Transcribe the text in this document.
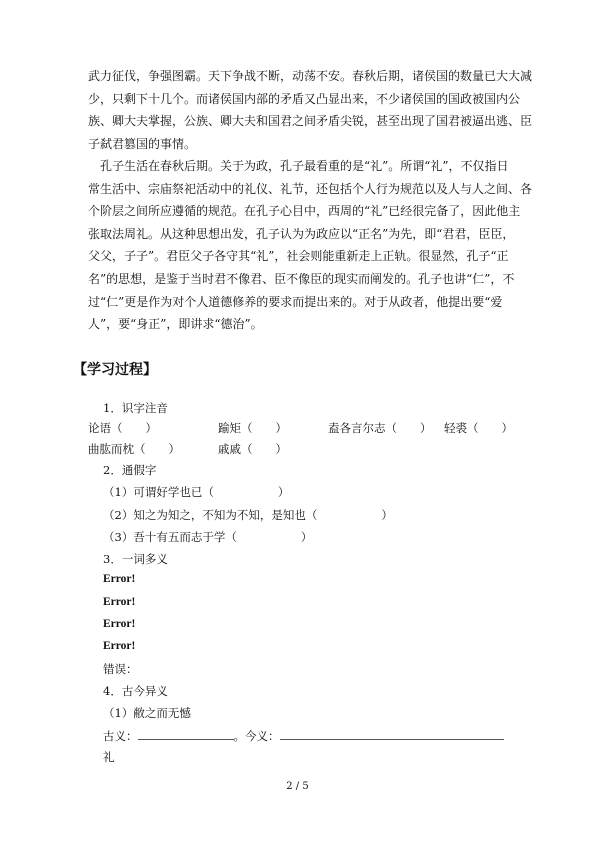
武力征伐，争强图霸。天下争战不断，动荡不安。春秋后期，诸侯国的数量已大大减
少，只剩下十几个。而诸侯国内部的矛盾又凸显出来，不少诸侯国的国政被国内公
族、卿大夫掌握，公族、卿大夫和国君之间矛盾尖锐，甚至出现了国君被逼出逃、臣
子弑君篡国的事情。

孔子生活在春秋后期。关于为政，孔子最看重的是“礼”。所谓“礼”，不仅指日
常生活中、宗庙祭祀活动中的礼仪、礼节，还包括个人行为规范以及人与人之间、各
个阶层之间所应遵循的规范。在孔子心目中，西周的“礼”已经很完备了，因此他主
张取法周礼。从这种思想出发，孔子认为为政应以“正名”为先，即“君君，臣臣，
父父，子子”。君臣父子各守其“礼”，社会则能重新走上正轨。很显然，孔子“正
名”的思想，是鉴于当时君不像君、臣不像臣的现实而阐发的。孔子也讲“仁”，不
过“仁”更是作为对个人道德修养的要求而提出来的。对于从政者，他提出要“爱
人”，要“身正”，即讲求“德治”。

【学习过程】
1．识字注音
论语（　　）	踰矩（　　）	盍各言尔志（　　） 轻裘（　　）
曲肱而枕（　　）	戚戚（　　）
2．通假字
（1）可谓好学也已（	）
（2）知之为知之，不知为不知，是知也（	）
（3）吾十有五而志于学（	）
3．一词多义
Error!
Error!
Error!
Error!
错误：
4．古今异义
（1）敝之而无憾
古义：	。今义：
礼
2 / 5
